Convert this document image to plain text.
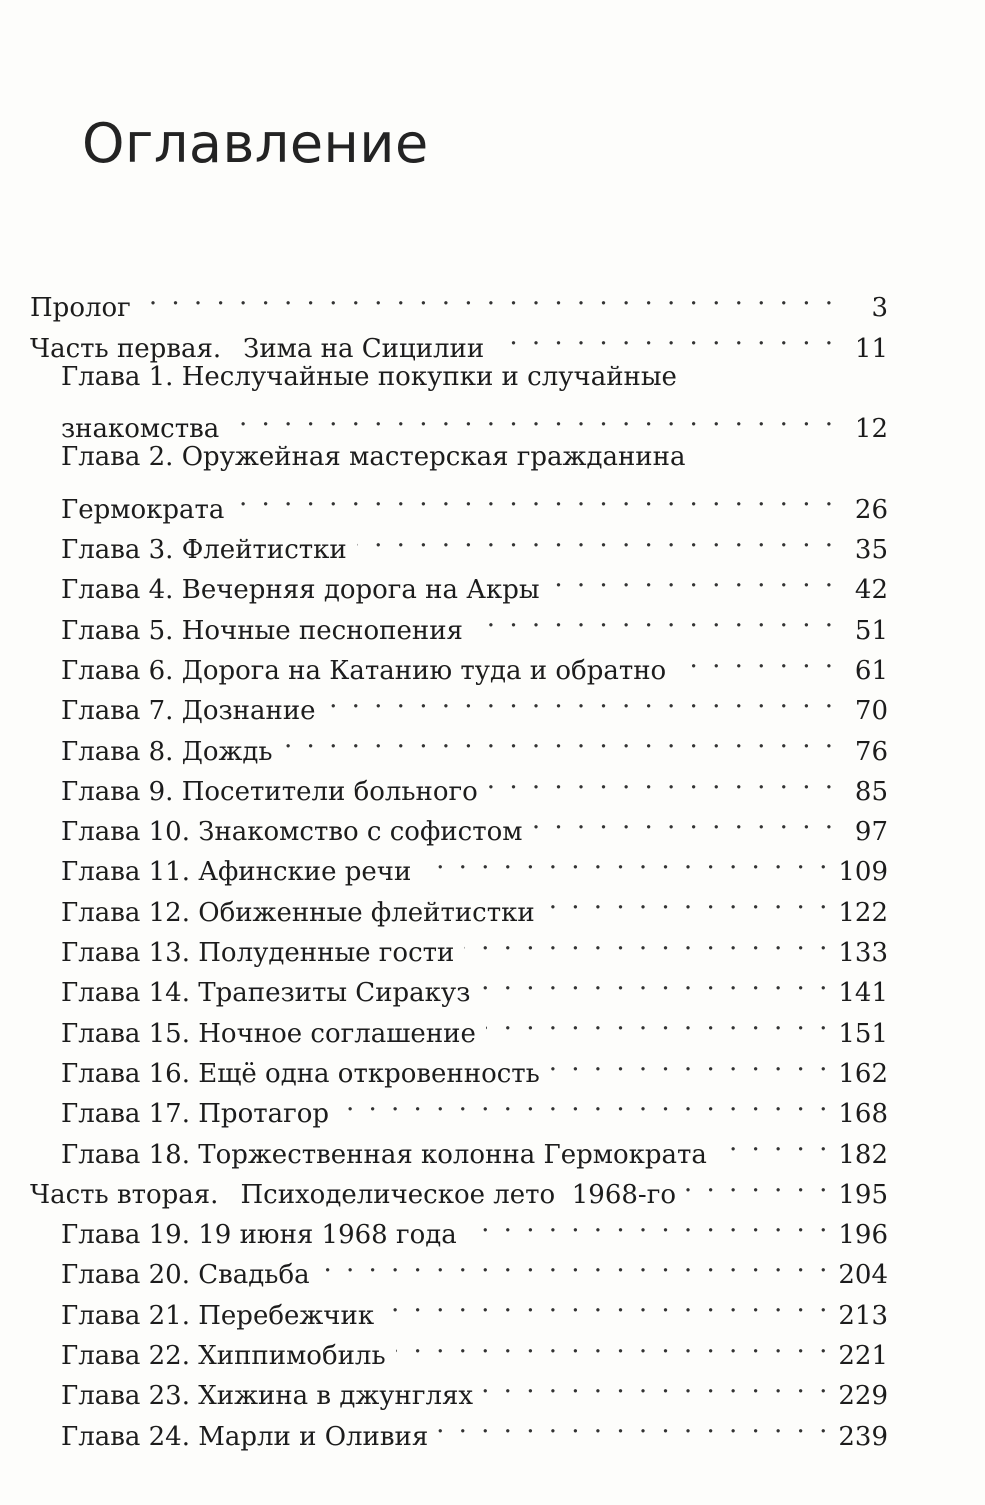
Оглавление
Пролог . . .	3
Часть первая. Зима на Сицилии . . .	11
Глава 1. Неслучайные покупки и случайные
знакомства . . .	12
Глава 2. Оружейная мастерская гражданина
Гермократа . . .	26
Глава 3. Флейтистки . . .	35
Глава 4. Вечерняя дорога на Акры . . .	42
Глава 5. Ночные песнопения . . .	51
Глава 6. Дорога на Катанию туда и обратно . . .	61
Глава 7. Дознание . . .	70
Глава 8. Дождь . . .	76
Глава 9. Посетители больного . . .	85
Глава 10. Знакомство с софистом . . .	97
Глава 11. Афинские речи . . .	109
Глава 12. Обиженные флейтистки . . .	122
Глава 13. Полуденные гости . . .	133
Глава 14. Трапезиты Сиракуз . . .	141
Глава 15. Ночное соглашение . . .	151
Глава 16. Ещё одна откровенность . . .	162
Глава 17. Протагор . . .	168
Глава 18. Торжественная колонна Гермократа . . .	182
Часть вторая. Психоделическое лето  1968-го . . .	195
Глава 19. 19 июня 1968 года . . .	196
Глава 20. Свадьба . . .	204
Глава 21. Перебежчик . . .	213
Глава 22. Хиппимобиль . . .	221
Глава 23. Хижина в джунглях . . .	229
Глава 24. Марли и Оливия . . .	239
